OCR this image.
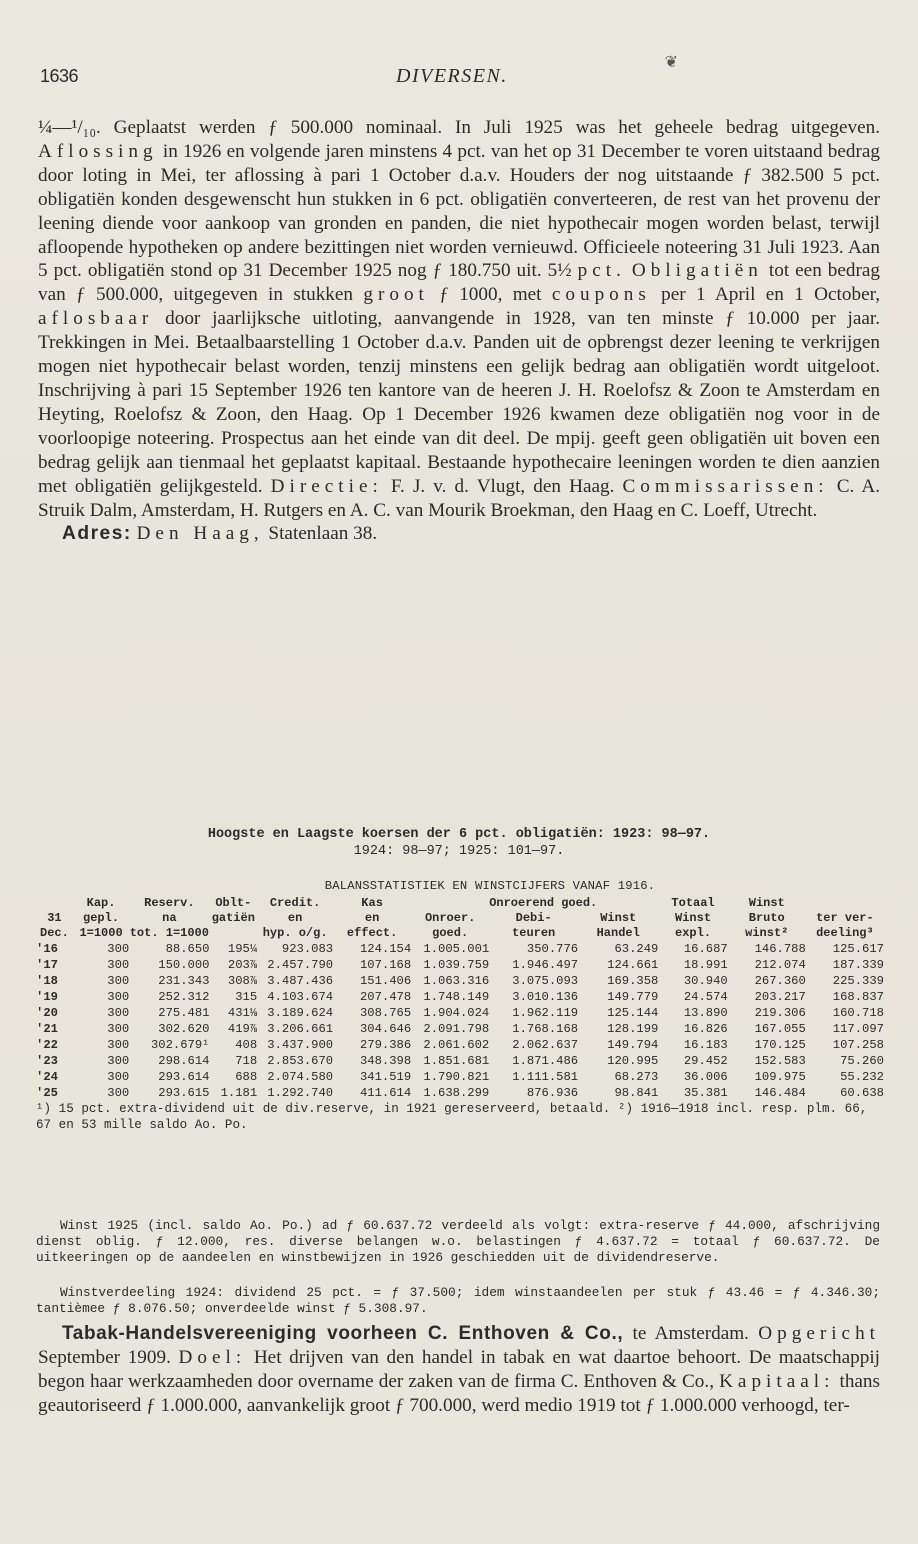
1636	DIVERSEN.
❦
¼—¹/₁₀. Geplaatst werden ƒ 500.000 nominaal. In Juli 1925 was het geheele bedrag uitgegeven. Aflossing in 1926 en volgende jaren minstens 4 pct. van het op 31 December te voren uitstaand bedrag door loting in Mei, ter aflossing à pari 1 October d.a.v. Houders der nog uitstaande ƒ 382.500 5 pct. obligatiën konden desgewenscht hun stukken in 6 pct. obligatiën converteeren, de rest van het provenu der leening diende voor aankoop van gronden en panden, die niet hypothecair mogen worden belast, terwijl afloopende hypotheken op andere bezittingen niet worden vernieuwd. Officieele noteering 31 Juli 1923. Aan 5 pct. obligatiën stond op 31 December 1925 nog ƒ 180.750 uit. 5½ pct. Obligatiën tot een bedrag van ƒ 500.000, uitgegeven in stukken groot ƒ 1000, met coupons per 1 April en 1 October, aflosbaar door jaarlijksche uitloting, aanvangende in 1928, van ten minste ƒ 10.000 per jaar. Trekkingen in Mei. Betaalbaarstelling 1 October d.a.v. Panden uit de opbrengst dezer leening te verkrijgen mogen niet hypothecair belast worden, tenzij minstens een gelijk bedrag aan obligatiën wordt uitgeloot. Inschrijving à pari 15 September 1926 ten kantore van de heeren J. H. Roelofsz & Zoon te Amsterdam en Heyting, Roelofsz & Zoon, den Haag. Op 1 December 1926 kwamen deze obligatiën nog voor in de voorloopige noteering. Prospectus aan het einde van dit deel. De mpij. geeft geen obligatiën uit boven een bedrag gelijk aan tienmaal het geplaatst kapitaal. Bestaande hypothecaire leeningen worden te dien aanzien met obligatiën gelijkgesteld. Directie: F. J. v. d. Vlugt, den Haag. Commissarissen: C. A. Struik Dalm, Amsterdam, H. Rutgers en A. C. van Mourik Broekman, den Haag en C. Loeff, Utrecht.
Adres: Den Haag, Statenlaan 38.
Hoogste en Laagste koersen der 6 pct. obligatiën: 1923: 98—97.
1924: 98—97; 1925: 101—97.
BALANSSTATISTIEK EN WINSTCIJFERS VANAF 1916.
	Kap.	Reserv.	Oblt-	Credit.	Kas		Onroerend goed.		Totaal	Winst	
31	gepl.	na	gatiën	en	en	Onroer.	Debi-	Winst	Winst	Bruto	ter ver-
Dec.	1=1000	tot. 1=1000		hyp. o/g.	effect.	goed.	teuren	Handel	expl.	winst²	deeling³
'16	300	88.650	195¼	923.083	124.154	1.005.001	350.776	63.249	16.687	146.788	125.617
'17	300	150.000	203⅞	2.457.790	107.168	1.039.759	1.946.497	124.661	18.991	212.074	187.339
'18	300	231.343	308⅞	3.487.436	151.406	1.063.316	3.075.093	169.358	30.940	267.360	225.339
'19	300	252.312	315	4.103.674	207.478	1.748.149	3.010.136	149.779	24.574	203.217	168.837
'20	300	275.481	431⅛	3.189.624	308.765	1.904.024	1.962.119	125.144	13.890	219.306	160.718
'21	300	302.620	419⅞	3.206.661	304.646	2.091.798	1.768.168	128.199	16.826	167.055	117.097
'22	300	302.679¹	408	3.437.900	279.386	2.061.602	2.062.637	149.794	16.183	170.125	107.258
'23	300	298.614	718	2.853.670	348.398	1.851.681	1.871.486	120.995	29.452	152.583	75.260
'24	300	293.614	688	2.074.580	341.519	1.790.821	1.111.581	68.273	36.006	109.975	55.232
'25	300	293.615	1.181	1.292.740	411.614	1.638.299	876.936	98.841	35.381	146.484	60.638
¹) 15 pct. extra-dividend uit de div.reserve, in 1921 gereserveerd, betaald. ²) 1916—1918 incl. resp. plm. 66, 67 en 53 mille saldo Ao. Po.
Winst 1925 (incl. saldo Ao. Po.) ad ƒ 60.637.72 verdeeld als volgt: extra-reserve ƒ 44.000, afschrijving dienst oblig. ƒ 12.000, res. diverse belangen w.o. belastingen ƒ 4.637.72 = totaal ƒ 60.637.72. De uitkeeringen op de aandeelen en winstbewijzen in 1926 geschiedden uit de dividendreserve.
Winstverdeeling 1924: dividend 25 pct. = ƒ 37.500; idem winstaandeelen per stuk ƒ 43.46 = ƒ 4.346.30; tantièmee ƒ 8.076.50; onverdeelde winst ƒ 5.308.97.
Tabak-Handelsvereeniging voorheen C. Enthoven & Co., te Amsterdam. Opgericht September 1909. Doel: Het drijven van den handel in tabak en wat daartoe behoort. De maatschappij begon haar werkzaamheden door overname der zaken van de firma C. Enthoven & Co., Kapitaal: thans geautoriseerd ƒ 1.000.000, aanvankelijk groot ƒ 700.000, werd medio 1919 tot ƒ 1.000.000 verhoogd, ter-
